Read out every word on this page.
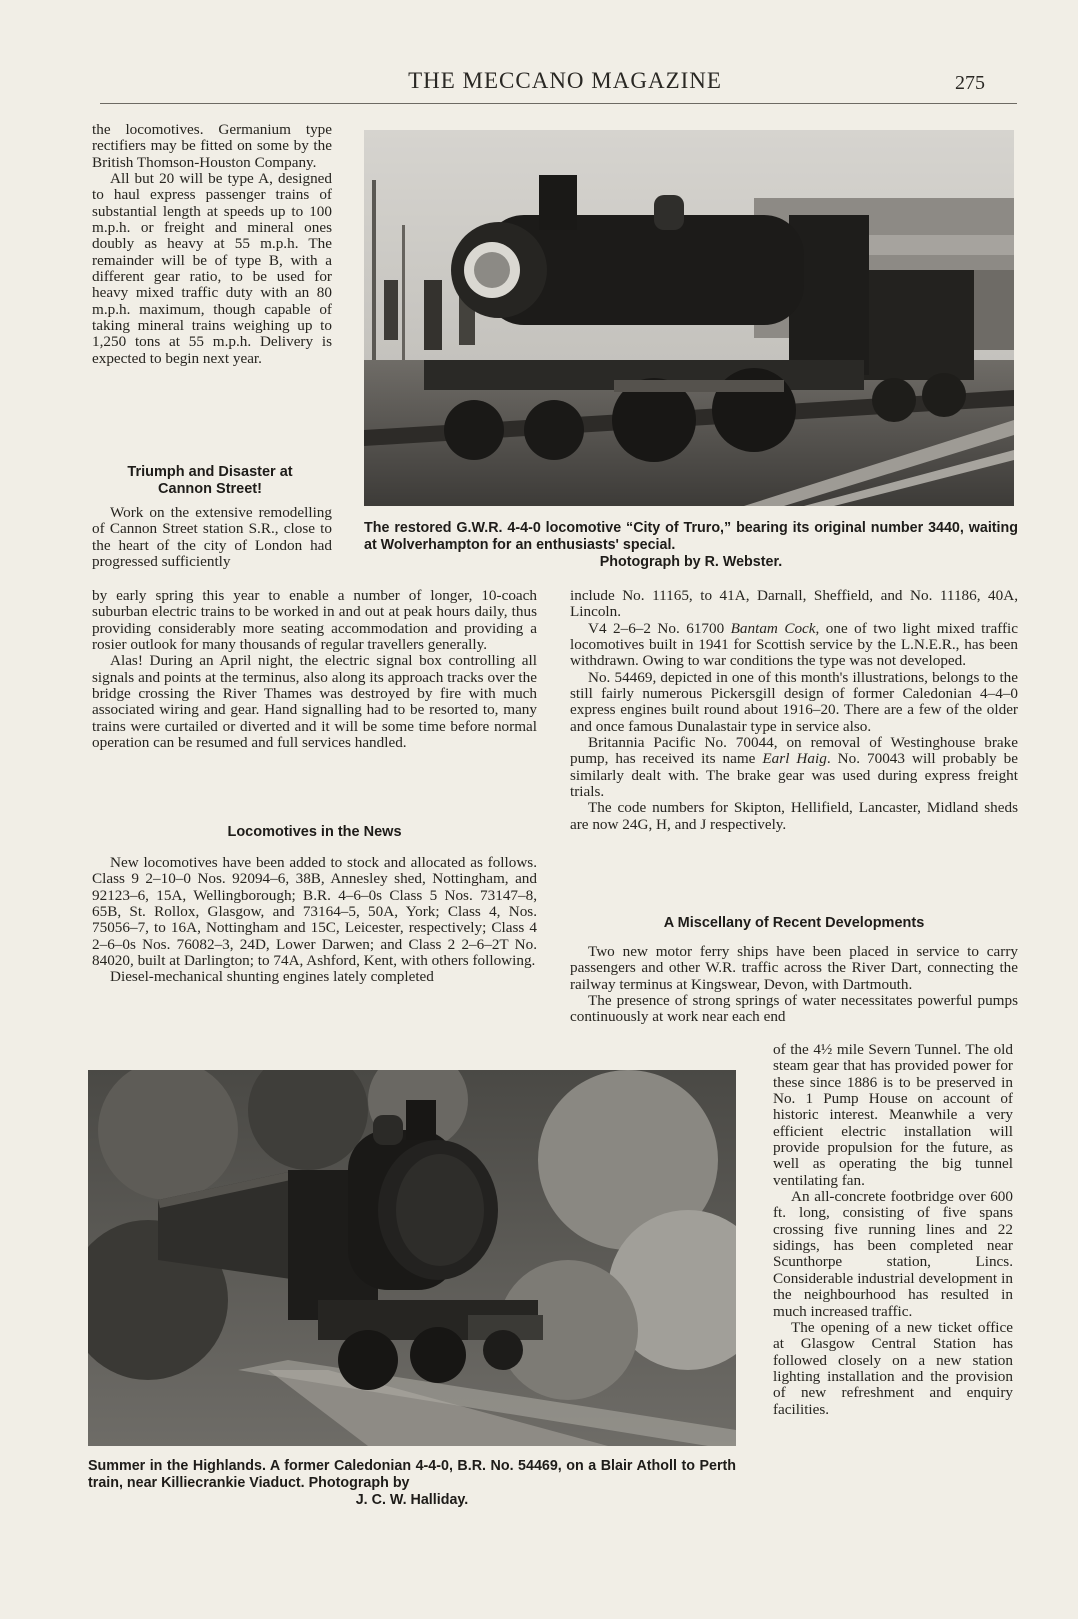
THE MECCANO MAGAZINE	275

the locomotives. Germanium type rectifiers may be fitted on some by the British Thomson-Houston Company.

All but 20 will be type A, designed to haul express passenger trains of substantial length at speeds up to 100 m.p.h. or freight and mineral ones doubly as heavy at 55 m.p.h. The remainder will be of type B, with a different gear ratio, to be used for heavy mixed traffic duty with an 80 m.p.h. maximum, though capable of taking mineral trains weighing up to 1,250 tons at 55 m.p.h. Delivery is expected to begin next year.

Triumph and Disaster at Cannon Street!

Work on the extensive remodelling of Cannon Street station S.R., close to the heart of the city of London had progressed sufficiently

The restored G.W.R. 4-4-0 locomotive “City of Truro,” bearing its original number 3440, waiting at Wolverhampton for an enthusiasts' special.
Photograph by R. Webster.

by early spring this year to enable a number of longer, 10-coach suburban electric trains to be worked in and out at peak hours daily, thus providing considerably more seating accommodation and providing a rosier outlook for many thousands of regular travellers generally.

Alas! During an April night, the electric signal box controlling all signals and points at the terminus, also along its approach tracks over the bridge crossing the River Thames was destroyed by fire with much associated wiring and gear. Hand signalling had to be resorted to, many trains were curtailed or diverted and it will be some time before normal operation can be resumed and full services handled.

Locomotives in the News

New locomotives have been added to stock and allocated as follows. Class 9 2–10–0 Nos. 92094–6, 38B, Annesley shed, Nottingham, and 92123–6, 15A, Wellingborough; B.R. 4–6–0s Class 5 Nos. 73147–8, 65B, St. Rollox, Glasgow, and 73164–5, 50A, York; Class 4, Nos. 75056–7, to 16A, Nottingham and 15C, Leicester, respectively; Class 4 2–6–0s Nos. 76082–3, 24D, Lower Darwen; and Class 2 2–6–2T No. 84020, built at Darlington; to 74A, Ashford, Kent, with others following.

Diesel-mechanical shunting engines lately completed

include No. 11165, to 41A, Darnall, Sheffield, and No. 11186, 40A, Lincoln.

V4 2–6–2 No. 61700 Bantam Cock, one of two light mixed traffic locomotives built in 1941 for Scottish service by the L.N.E.R., has been withdrawn. Owing to war conditions the type was not developed.

No. 54469, depicted in one of this month's illustrations, belongs to the still fairly numerous Pickersgill design of former Caledonian 4–4–0 express engines built round about 1916–20. There are a few of the older and once famous Dunalastair type in service also.

Britannia Pacific No. 70044, on removal of Westinghouse brake pump, has received its name Earl Haig. No. 70043 will probably be similarly dealt with. The brake gear was used during express freight trials.

The code numbers for Skipton, Hellifield, Lancaster, Midland sheds are now 24G, H, and J respectively.

A Miscellany of Recent Developments

Two new motor ferry ships have been placed in service to carry passengers and other W.R. traffic across the River Dart, connecting the railway terminus at Kingswear, Devon, with Dartmouth.

The presence of strong springs of water necessitates powerful pumps continuously at work near each end

of the 4½ mile Severn Tunnel. The old steam gear that has provided power for these since 1886 is to be preserved in No. 1 Pump House on account of historic interest. Meanwhile a very efficient electric installation will provide propulsion for the future, as well as operating the big tunnel ventilating fan.

An all-concrete footbridge over 600 ft. long, consisting of five spans crossing five running lines and 22 sidings, has been completed near Scunthorpe station, Lincs. Considerable industrial development in the neighbourhood has resulted in much increased traffic.

The opening of a new ticket office at Glasgow Central Station has followed closely on a new station lighting installation and the provision of new refreshment and enquiry facilities.

Summer in the Highlands. A former Caledonian 4-4-0, B.R. No. 54469, on a Blair Atholl to Perth train, near Killiecrankie Viaduct. Photograph by
J. C. W. Halliday.
